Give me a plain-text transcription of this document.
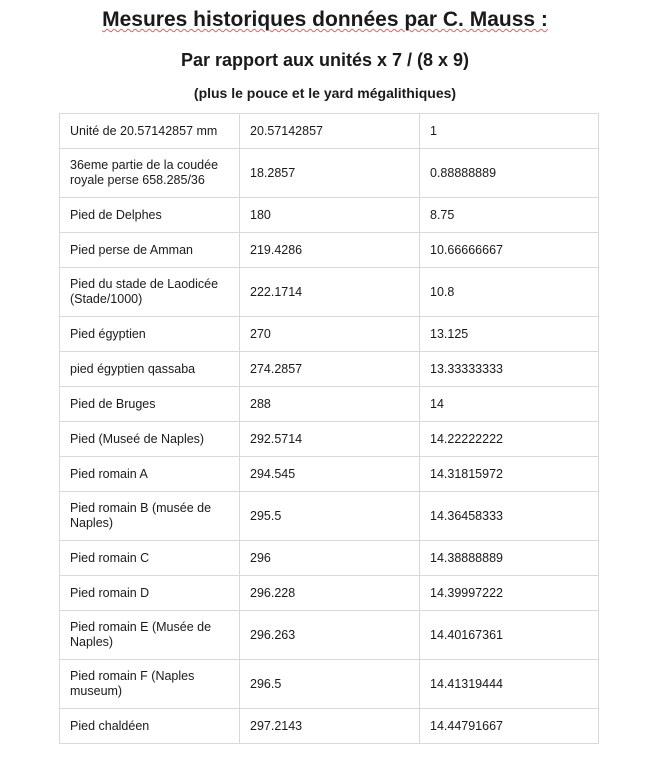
Mesures historiques données par C. Mauss :
Par rapport aux unités x 7 / (8 x 9)
(plus le pouce et le yard mégalithiques)
Unité de 20.57142857 mm	20.57142857	1
36eme partie de la coudée royale perse 658.285/36	18.2857	0.88888889
Pied de Delphes	180	8.75
Pied perse de Amman	219.4286	10.66666667
Pied du stade de Laodicée (Stade/1000)	222.1714	10.8
Pied égyptien	270	13.125
pied égyptien qassaba	274.2857	13.33333333
Pied de Bruges	288	14
Pied (Museé de Naples)	292.5714	14.22222222
Pied romain A	294.545	14.31815972
Pied romain B (musée de Naples)	295.5	14.36458333
Pied romain C	296	14.38888889
Pied romain D	296.228	14.39997222
Pied romain E (Musée de Naples)	296.263	14.40167361
Pied romain F (Naples museum)	296.5	14.41319444
Pied chaldéen	297.2143	14.44791667
